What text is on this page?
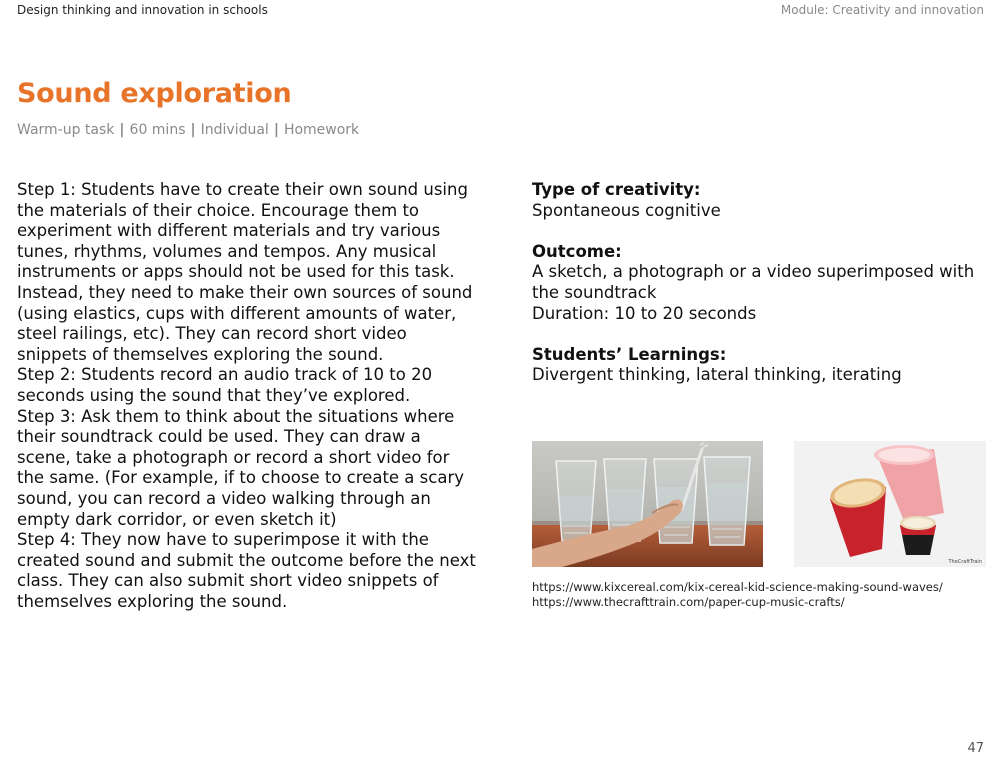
Design thinking and innovation in schools	Module: Creativity and innovation
Sound exploration
Warm-up task | 60 mins | Individual | Homework

Step 1: Students have to create their own sound using the materials of their choice. Encourage them to experiment with different materials and try various tunes, rhythms, volumes and tempos. Any musical instruments or apps should not be used for this task. Instead, they need to make their own sources of sound (using elastics, cups with different amounts of water, steel railings, etc). They can record short video snippets of themselves exploring the sound.

Step 2: Students record an audio track of 10 to 20 seconds using the sound that they’ve explored.

Step 3: Ask them to think about the situations where their soundtrack could be used. They can draw a scene, take a photograph or record a short video for the same. (For example, if to choose to create a scary sound, you can record a video walking through an empty dark corridor, or even sketch it)

Step 4: They now have to superimpose it with the created sound and submit the outcome before the next class. They can also submit short video snippets of themselves exploring the sound.

Type of creativity:
Spontaneous cognitive
Outcome:
A sketch, a photograph or a video superimposed with the soundtrack
Duration: 10 to 20 seconds
Students’ Learnings:
Divergent thinking, lateral thinking, iterating
TheCraftTrain
https://www.kixcereal.com/kix-cereal-kid-science-making-sound-waves/
https://www.thecrafttrain.com/paper-cup-music-crafts/
47
